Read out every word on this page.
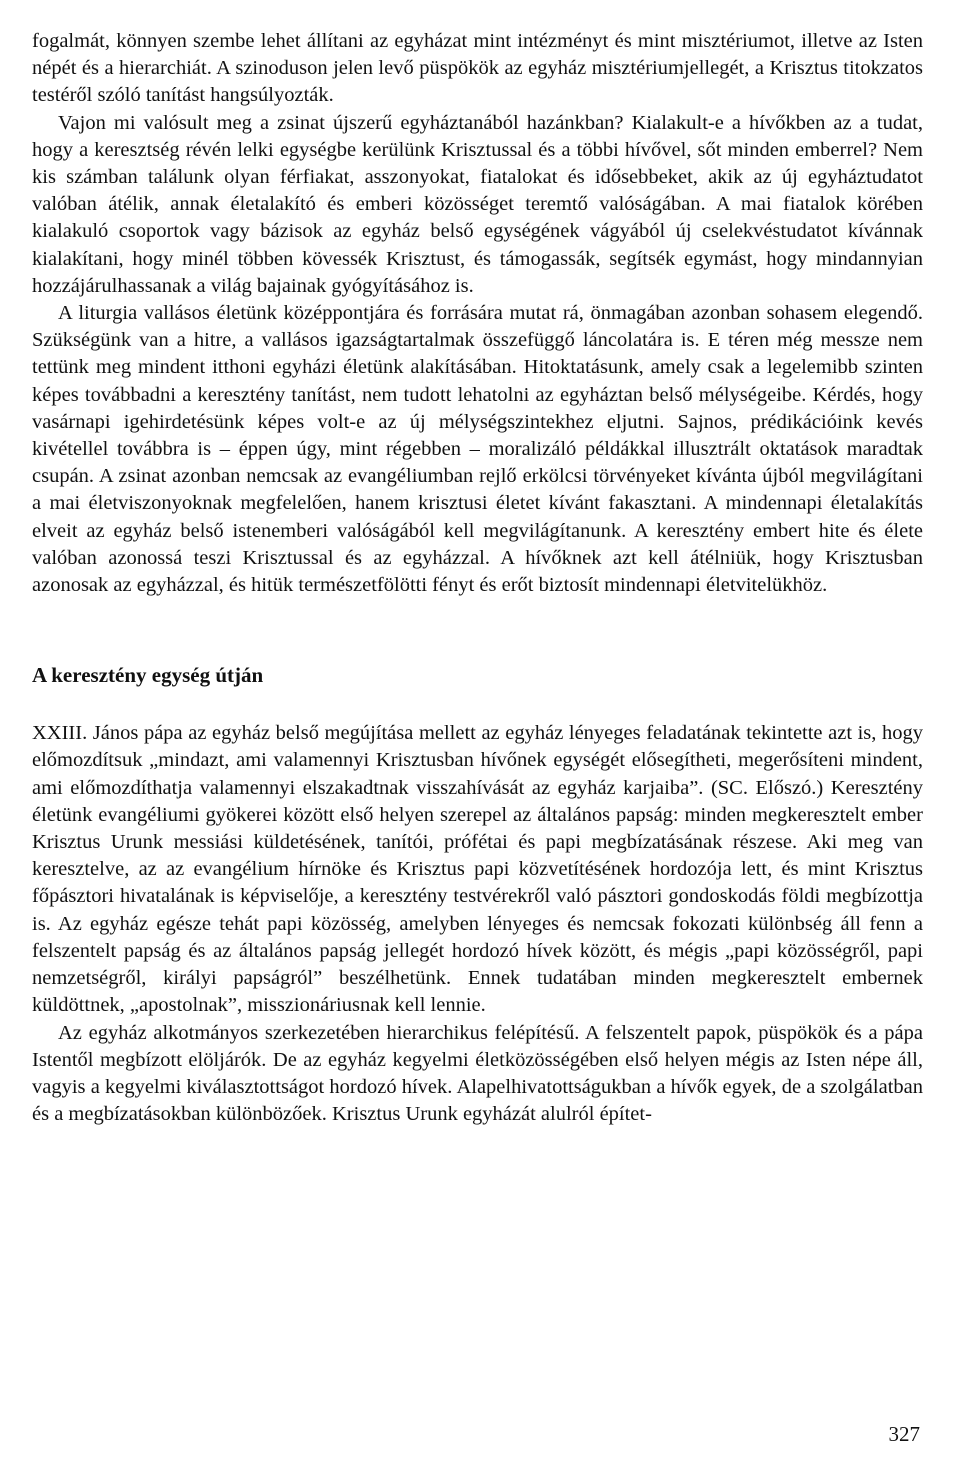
fogalmát, könnyen szembe lehet állítani az egyházat mint intézményt és mint misztériumot, illetve az Isten népét és a hierarchiát. A szinoduson jelen levő püspökök az egyház misztériumjellegét, a Krisztus titokzatos testéről szóló tanítást hangsúlyozták.

Vajon mi valósult meg a zsinat újszerű egyháztanából hazánkban? Kialakult-e a hívőkben az a tudat, hogy a keresztség révén lelki egységbe kerülünk Krisztussal és a többi hívővel, sőt minden emberrel? Nem kis számban találunk olyan férfiakat, asszonyokat, fiatalokat és idősebbeket, akik az új egyháztudatot valóban átélik, annak életalakító és emberi közösséget teremtő valóságában. A mai fiatalok körében kialakuló csoportok vagy bázisok az egyház belső egységének vágyából új cselekvéstudatot kívánnak kialakítani, hogy minél többen kövessék Krisztust, és támogassák, segítsék egymást, hogy mindannyian hozzájárulhassanak a világ bajainak gyógyításához is.

A liturgia vallásos életünk középpontjára és forrására mutat rá, önmagában azonban sohasem elegendő. Szükségünk van a hitre, a vallásos igazságtartalmak összefüggő láncolatára is. E téren még messze nem tettünk meg mindent itthoni egyházi életünk alakításában. Hitoktatásunk, amely csak a legelemibb szinten képes továbbadni a keresztény tanítást, nem tudott lehatolni az egyháztan belső mélységeibe. Kérdés, hogy vasárnapi igehirdetésünk képes volt-e az új mélységszintekhez eljutni. Sajnos, prédikációink kevés kivétellel továbbra is – éppen úgy, mint régebben – moralizáló példákkal illusztrált oktatások maradtak csupán. A zsinat azonban nemcsak az evangéliumban rejlő erkölcsi törvényeket kívánta újból megvilágítani a mai életviszonyoknak megfelelően, hanem krisztusi életet kívánt fakasztani. A mindennapi életalakítás elveit az egyház belső istenemberi valóságából kell megvilágítanunk. A keresztény embert hite és élete valóban azonossá teszi Krisztussal és az egyházzal. A hívőknek azt kell átélniük, hogy Krisztusban azonosak az egyházzal, és hitük természetfölötti fényt és erőt biztosít mindennapi életvitelükhöz.

A keresztény egység útján

XXIII. János pápa az egyház belső megújítása mellett az egyház lényeges feladatának tekintette azt is, hogy előmozdítsuk „mindazt, ami valamennyi Krisztusban hívőnek egységét elősegítheti, megerősíteni mindent, ami előmozdíthatja valamennyi elszakadtnak visszahívását az egyház karjaiba”. (SC. Előszó.) Keresztény életünk evangéliumi gyökerei között első helyen szerepel az általános papság: minden megkeresztelt ember Krisztus Urunk messiási küldetésének, tanítói, prófétai és papi megbízatásának részese. Aki meg van keresztelve, az az evangélium hírnöke és Krisztus papi közvetítésének hordozója lett, és mint Krisztus főpásztori hivatalának is képviselője, a keresztény testvérekről való pásztori gondoskodás földi megbízottja is. Az egyház egésze tehát papi közösség, amelyben lényeges és nemcsak fokozati különbség áll fenn a felszentelt papság és az általános papság jellegét hordozó hívek között, és mégis „papi közösségről, papi nemzetségről, királyi papságról” beszélhetünk. Ennek tudatában minden megkeresztelt embernek küldöttnek, „apostolnak”, misszionáriusnak kell lennie.

Az egyház alkotmányos szerkezetében hierarchikus felépítésű. A felszentelt papok, püspökök és a pápa Istentől megbízott elöljárók. De az egyház kegyelmi életközösségében első helyen mégis az Isten népe áll, vagyis a kegyelmi kiválasztottságot hordozó hívek. Alapelhivatottságukban a hívők egyek, de a szolgálatban és a megbízatásokban különbözőek. Krisztus Urunk egyházát alulról építet-

327
